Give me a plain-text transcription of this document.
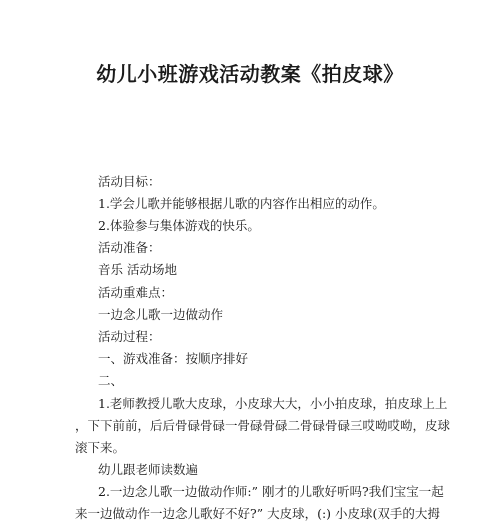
幼儿小班游戏活动教案《拍皮球》
活动目标：
1.学会儿歌并能够根据儿歌的内容作出相应的动作。
2.体验参与集体游戏的快乐。
活动准备：
音乐 活动场地
活动重难点：
一边念儿歌一边做动作
活动过程：
一、游戏准备：按顺序排好
二、
1.老师教授儿歌大皮球，小皮球大大，小小拍皮球，拍皮球上上
，下下前前，后后骨碌骨碌一骨碌骨碌二骨碌骨碌三哎呦哎呦，皮球
滚下来。
幼儿跟老师读数遍
2.一边念儿歌一边做动作师:” 刚才的儿歌好听吗?我们宝宝一起
来一边做动作一边念儿歌好不好?” 大皮球，(:) 小皮球(双手的大拇
